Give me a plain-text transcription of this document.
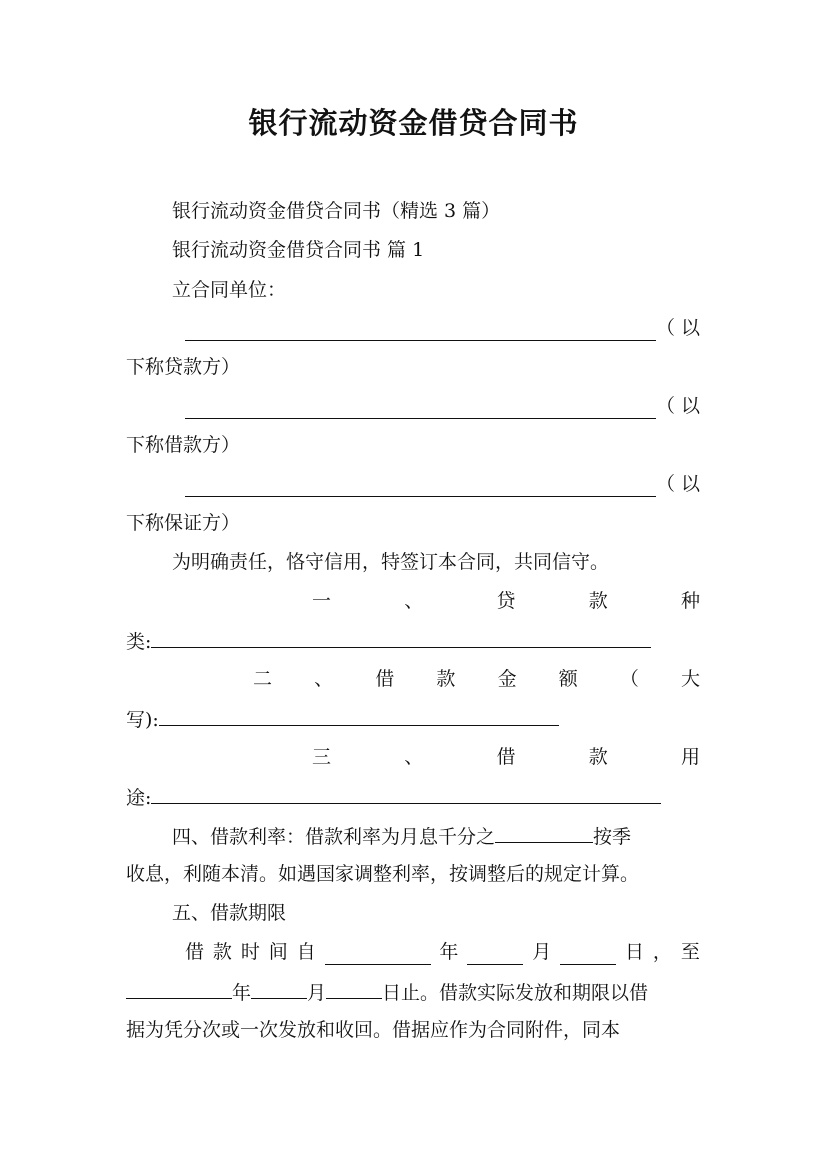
银行流动资金借贷合同书
银行流动资金借贷合同书（精选 3 篇）
银行流动资金借贷合同书 篇 1
立合同单位：
（ 以
下称贷款方）
（ 以
下称借款方）
（ 以
下称保证方）
为明确责任，恪守信用，特签订本合同，共同信守。
一	、	贷	款	种
类:
二 、 借 款 金 额 （ 大
写):
三	、	借	款	用
途:
四、借款利率：借款利率为月息千分之	按季
收息，利随本清。如遇国家调整利率，按调整后的规定计算。
五、借款期限
借 款 时 间 自	年	月	日 ， 至
年	月	日止。借款实际发放和期限以借
据为凭分次或一次发放和收回。借据应作为合同附件，同本
